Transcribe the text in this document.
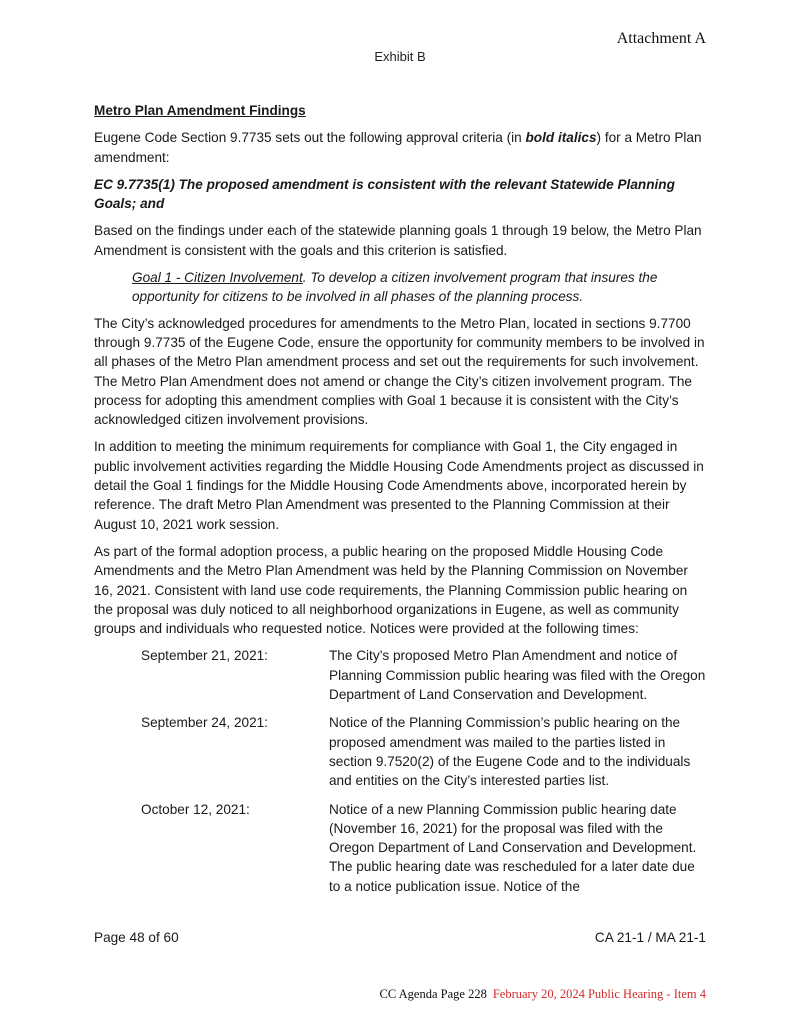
Attachment A
Exhibit B

Metro Plan Amendment Findings

Eugene Code Section 9.7735 sets out the following approval criteria (in bold italics) for a Metro Plan amendment:

EC 9.7735(1) The proposed amendment is consistent with the relevant Statewide Planning Goals; and

Based on the findings under each of the statewide planning goals 1 through 19 below, the Metro Plan Amendment is consistent with the goals and this criterion is satisfied.

Goal 1 - Citizen Involvement. To develop a citizen involvement program that insures the opportunity for citizens to be involved in all phases of the planning process.

The City’s acknowledged procedures for amendments to the Metro Plan, located in sections 9.7700 through 9.7735 of the Eugene Code, ensure the opportunity for community members to be involved in all phases of the Metro Plan amendment process and set out the requirements for such involvement. The Metro Plan Amendment does not amend or change the City’s citizen involvement program. The process for adopting this amendment complies with Goal 1 because it is consistent with the City’s acknowledged citizen involvement provisions.

In addition to meeting the minimum requirements for compliance with Goal 1, the City engaged in public involvement activities regarding the Middle Housing Code Amendments project as discussed in detail the Goal 1 findings for the Middle Housing Code Amendments above, incorporated herein by reference. The draft Metro Plan Amendment was presented to the Planning Commission at their August 10, 2021 work session.

As part of the formal adoption process, a public hearing on the proposed Middle Housing Code Amendments and the Metro Plan Amendment was held by the Planning Commission on November 16, 2021. Consistent with land use code requirements, the Planning Commission public hearing on the proposal was duly noticed to all neighborhood organizations in Eugene, as well as community groups and individuals who requested notice. Notices were provided at the following times:

September 21, 2021:	The City’s proposed Metro Plan Amendment and notice of Planning Commission public hearing was filed with the Oregon Department of Land Conservation and Development.
September 24, 2021:	Notice of the Planning Commission’s public hearing on the proposed amendment was mailed to the parties listed in section 9.7520(2) of the Eugene Code and to the individuals and entities on the City’s interested parties list.
October 12, 2021:	Notice of a new Planning Commission public hearing date (November 16, 2021) for the proposal was filed with the Oregon Department of Land Conservation and Development. The public hearing date was rescheduled for a later date due to a notice publication issue. Notice of the
Page 48 of 60	CA 21-1 / MA 21-1
CC Agenda Page 228 February 20, 2024 Public Hearing - Item 4
